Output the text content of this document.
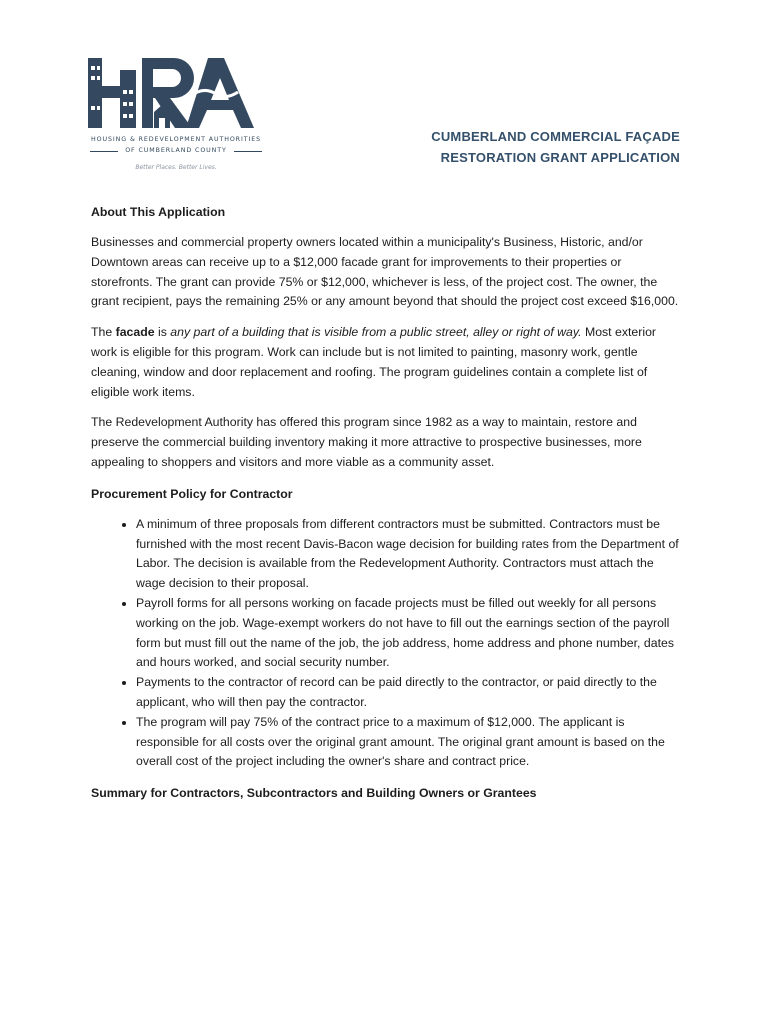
HOUSING & REDEVELOPMENT AUTHORITIES
OF CUMBERLAND COUNTY
Better Places. Better Lives.
CUMBERLAND COMMERCIAL FAÇADE
RESTORATION GRANT APPLICATION
About This Application

Businesses and commercial property owners located within a municipality's Business, Historic, and/or Downtown areas can receive up to a $12,000 facade grant for improvements to their properties or storefronts. The grant can provide 75% or $12,000, whichever is less, of the project cost. The owner, the grant recipient, pays the remaining 25% or any amount beyond that should the project cost exceed $16,000.

The facade is any part of a building that is visible from a public street, alley or right of way. Most exterior work is eligible for this program. Work can include but is not limited to painting, masonry work, gentle cleaning, window and door replacement and roofing. The program guidelines contain a complete list of eligible work items.

The Redevelopment Authority has offered this program since 1982 as a way to maintain, restore and preserve the commercial building inventory making it more attractive to prospective businesses, more appealing to shoppers and visitors and more viable as a community asset.

Procurement Policy for Contractor
• A minimum of three proposals from different contractors must be submitted. Contractors must be furnished with the most recent Davis-Bacon wage decision for building rates from the Department of Labor. The decision is available from the Redevelopment Authority. Contractors must attach the wage decision to their proposal.
• Payroll forms for all persons working on facade projects must be filled out weekly for all persons working on the job. Wage-exempt workers do not have to fill out the earnings section of the payroll form but must fill out the name of the job, the job address, home address and phone number, dates and hours worked, and social security number.
• Payments to the contractor of record can be paid directly to the contractor, or paid directly to the applicant, who will then pay the contractor.
• The program will pay 75% of the contract price to a maximum of $12,000. The applicant is responsible for all costs over the original grant amount. The original grant amount is based on the overall cost of the project including the owner's share and contract price.
Summary for Contractors, Subcontractors and Building Owners or Grantees
